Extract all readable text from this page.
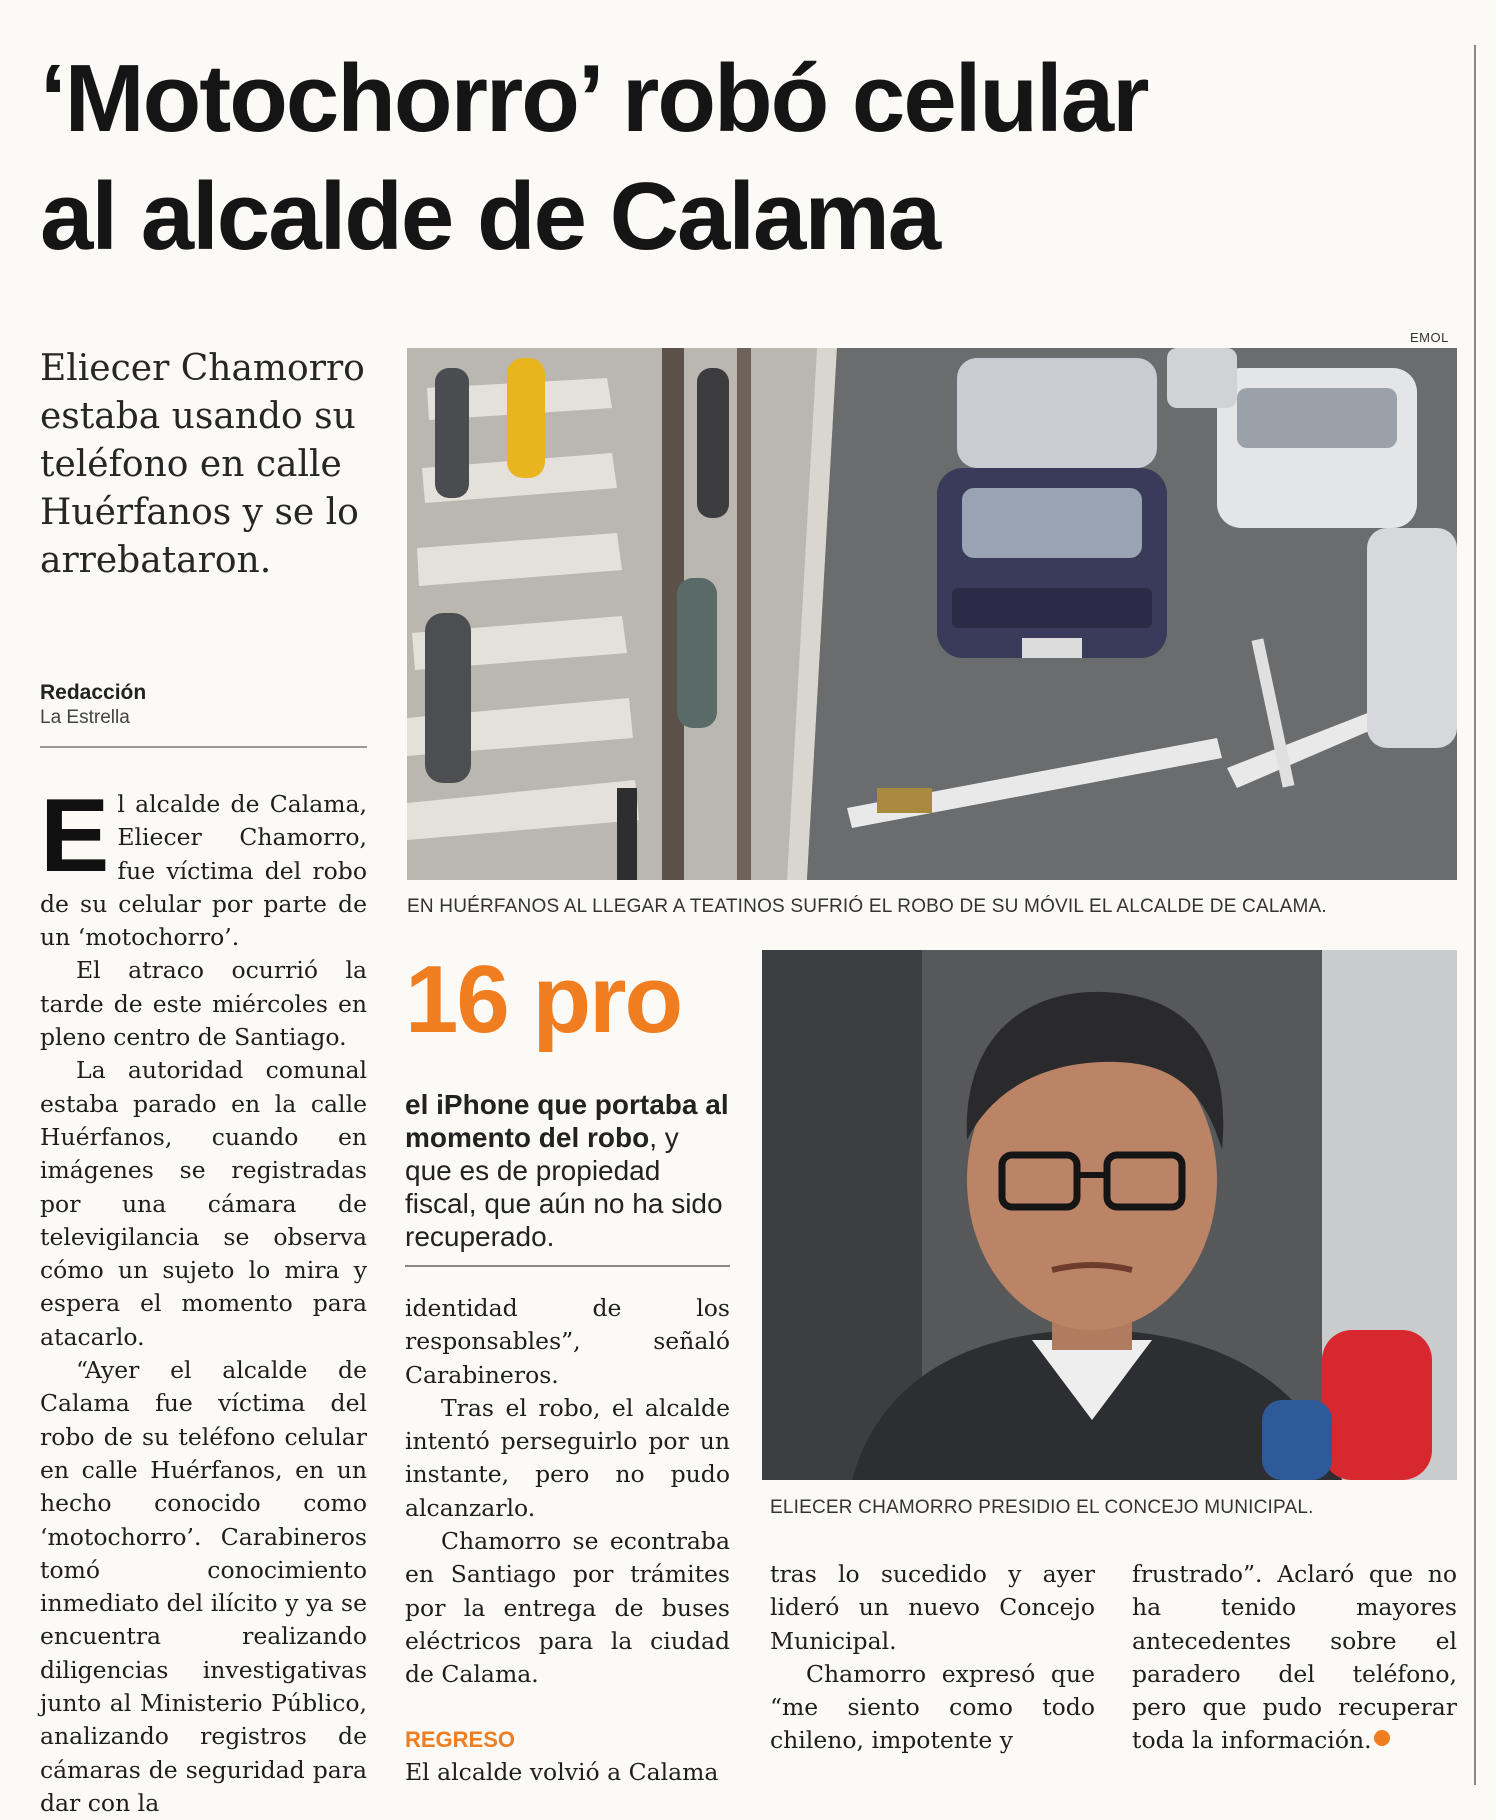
‘Motochorro’ robó celular
al alcalde de Calama
Eliecer Chamorro estaba usando su teléfono en calle Huérfanos y se lo arrebataron.
Redacción
La Estrella

El alcalde de Calama, Eliecer Chamorro, fue víctima del robo de su celular por parte de un ‘motochorro’.

El atraco ocurrió la tarde de este miércoles en pleno centro de Santiago.

La autoridad comunal estaba parado en la calle Huérfanos, cuando en imágenes se registradas por una cámara de televigilancia se observa cómo un sujeto lo mira y espera el momento para atacarlo.

“Ayer el alcalde de Calama fue víctima del robo de su teléfono celular en calle Huérfanos, en un hecho conocido como ‘motochorro’. Carabineros tomó conocimiento inmediato del ilícito y ya se encuentra realizando diligencias investigativas junto al Ministerio Público, analizando registros de cámaras de seguridad para dar con la

EMOL
EN HUÉRFANOS AL LLEGAR A TEATINOS SUFRIÓ EL ROBO DE SU MÓVIL EL ALCALDE DE CALAMA.
16 pro
el iPhone que portaba al momento del robo, y que es de propiedad fiscal, que aún no ha sido recuperado.

identidad de los responsables”, señaló Carabineros.

Tras el robo, el alcalde intentó perseguirlo por un instante, pero no pudo alcanzarlo.

Chamorro se econtraba en Santiago por trámites por la entrega de buses eléctricos para la ciudad de Calama.

REGRESO

El alcalde volvió a Calama

ELIECER CHAMORRO PRESIDIO EL CONCEJO MUNICIPAL.

tras lo sucedido y ayer lideró un nuevo Concejo Municipal.

Chamorro expresó que “me siento como todo chileno, impotente y

frustrado”. Aclaró que no ha tenido mayores antecedentes sobre el paradero del teléfono, pero que pudo recuperar toda la información.
